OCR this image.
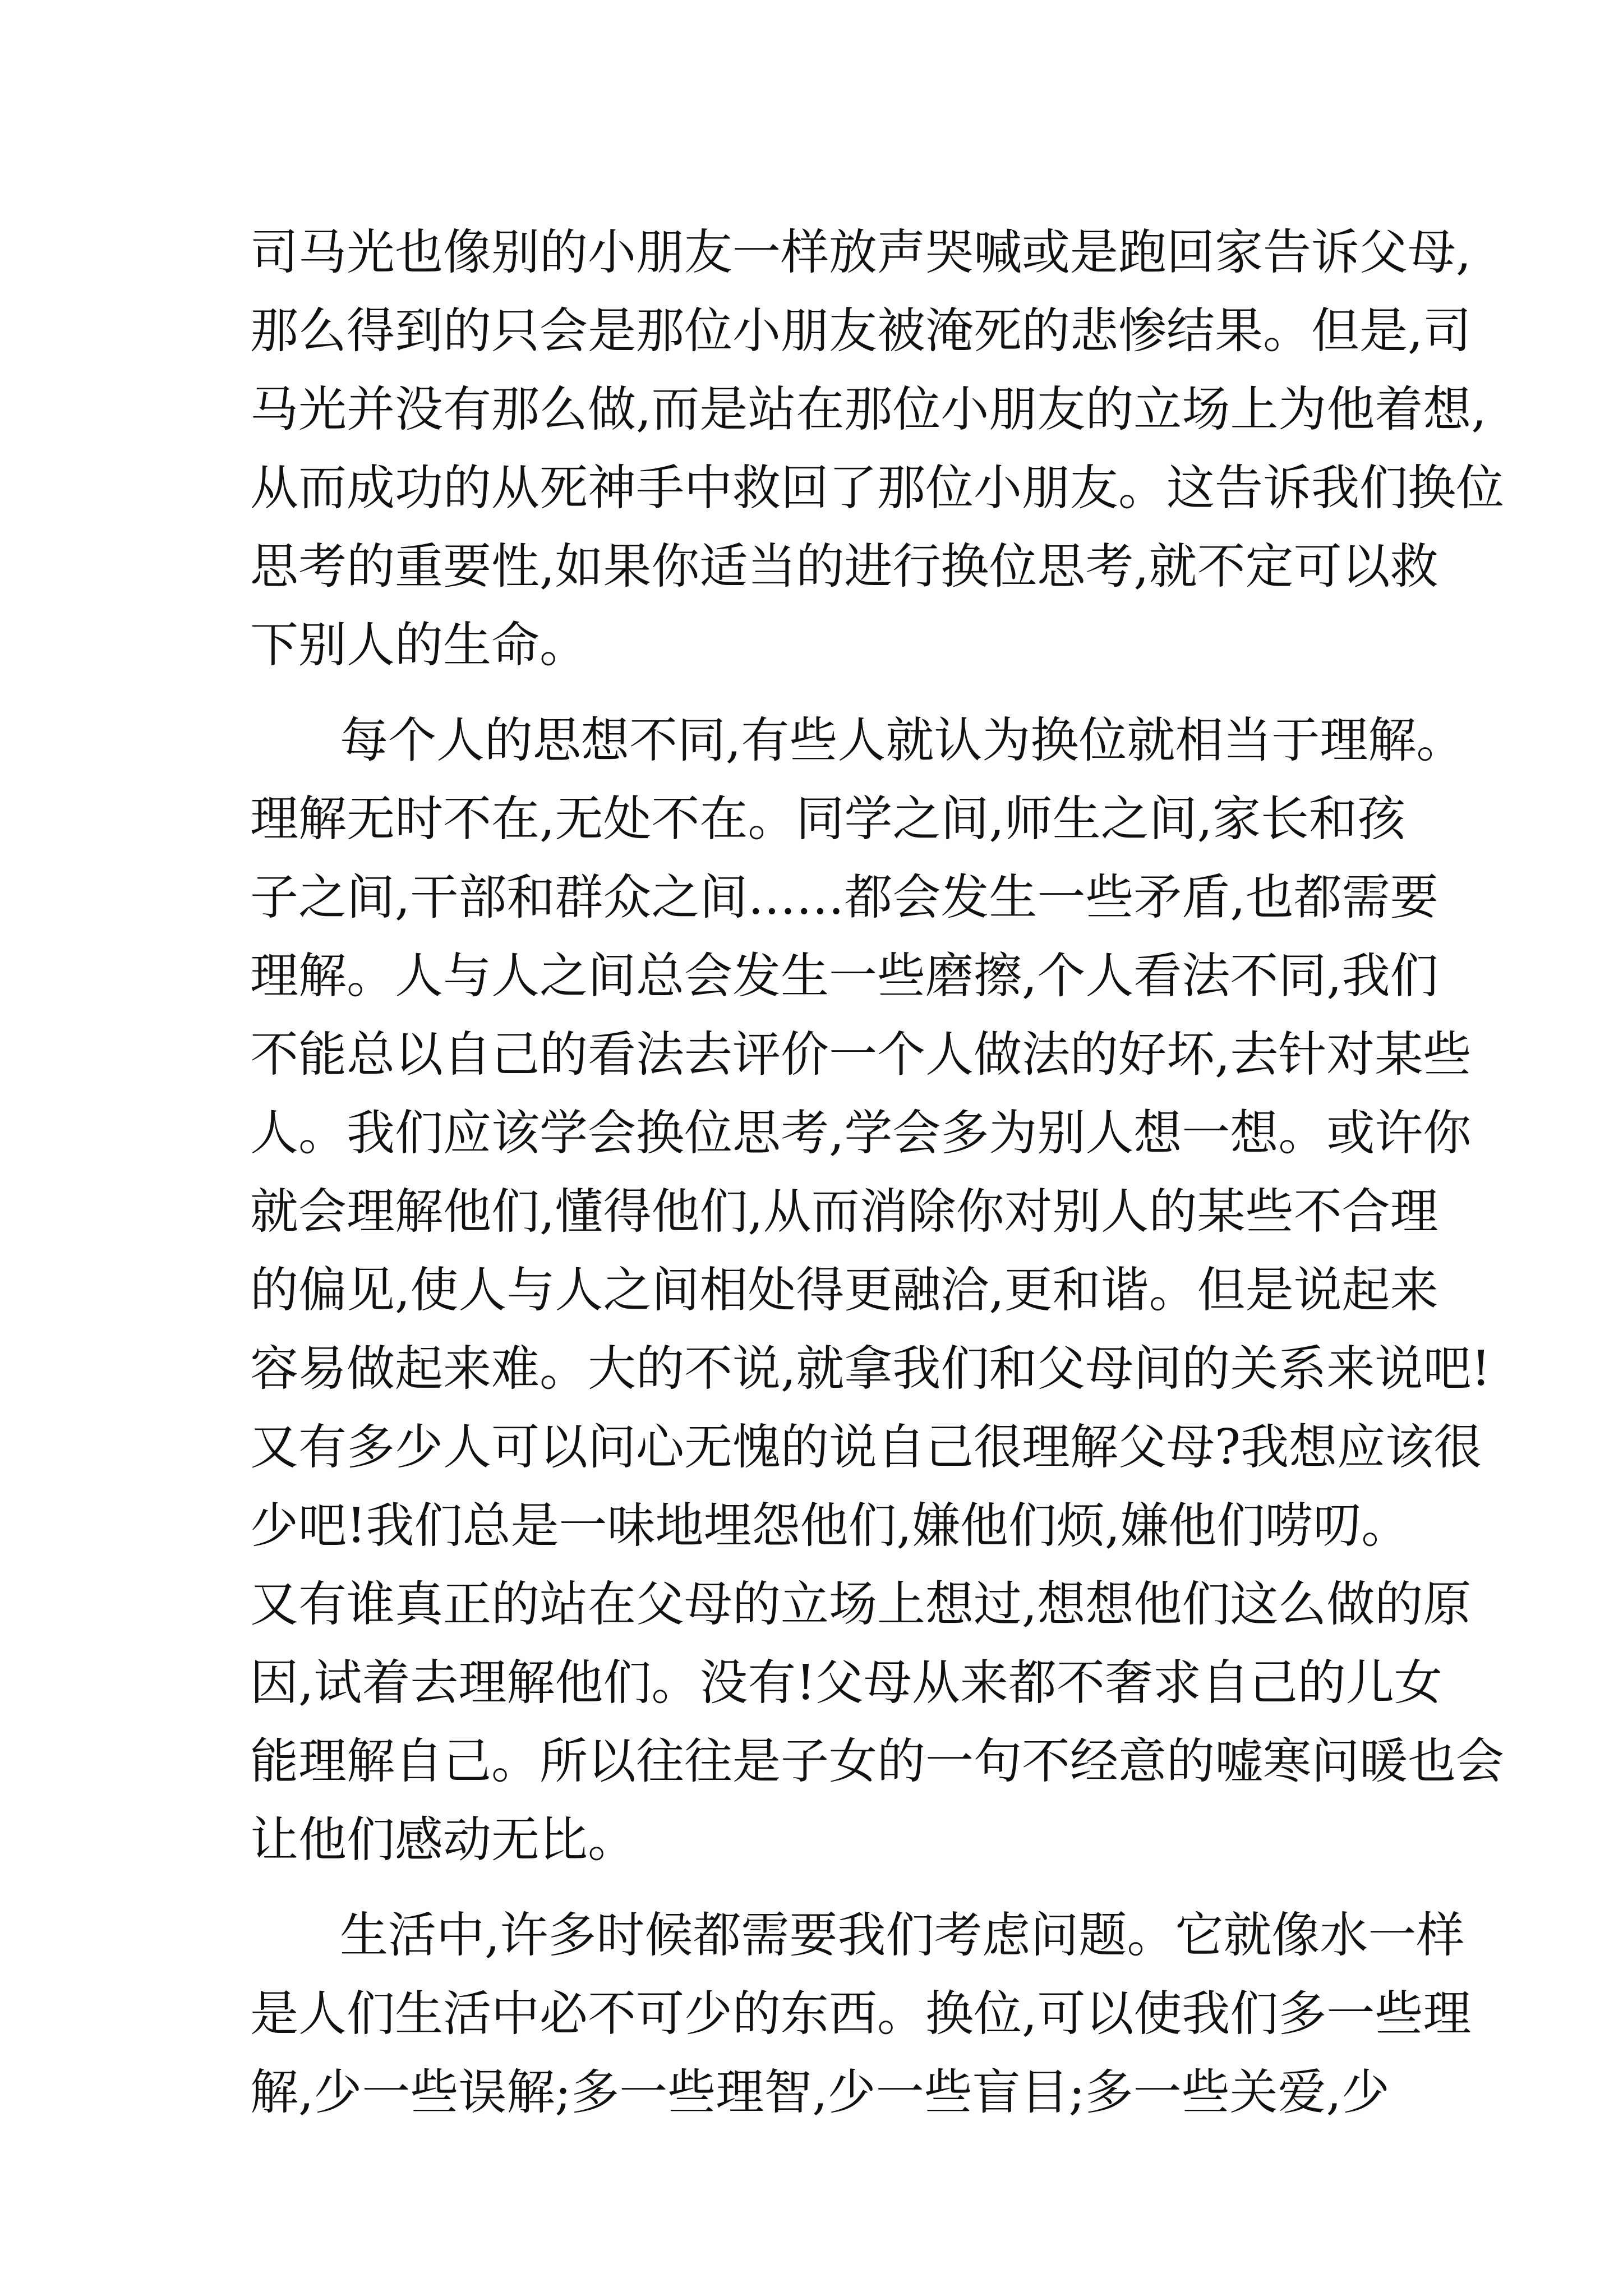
司马光也像别的小朋友一样放声哭喊或是跑回家告诉父母,
那么得到的只会是那位小朋友被淹死的悲惨结果。但是,司
马光并没有那么做,而是站在那位小朋友的立场上为他着想,
从而成功的从死神手中救回了那位小朋友。这告诉我们换位
思考的重要性,如果你适当的进行换位思考,就不定可以救
下别人的生命。
每个人的思想不同,有些人就认为换位就相当于理解。
理解无时不在,无处不在。同学之间,师生之间,家长和孩
子之间,干部和群众之间……都会发生一些矛盾,也都需要
理解。人与人之间总会发生一些磨擦,个人看法不同,我们
不能总以自己的看法去评价一个人做法的好坏,去针对某些
人。我们应该学会换位思考,学会多为别人想一想。或许你
就会理解他们,懂得他们,从而消除你对别人的某些不合理
的偏见,使人与人之间相处得更融洽,更和谐。但是说起来
容易做起来难。大的不说,就拿我们和父母间的关系来说吧!
又有多少人可以问心无愧的说自己很理解父母?我想应该很
少吧!我们总是一味地埋怨他们,嫌他们烦,嫌他们唠叨。
又有谁真正的站在父母的立场上想过,想想他们这么做的原
因,试着去理解他们。没有!父母从来都不奢求自己的儿女
能理解自己。所以往往是子女的一句不经意的嘘寒问暖也会
让他们感动无比。
生活中,许多时候都需要我们考虑问题。它就像水一样
是人们生活中必不可少的东西。换位,可以使我们多一些理
解,少一些误解;多一些理智,少一些盲目;多一些关爱,少
